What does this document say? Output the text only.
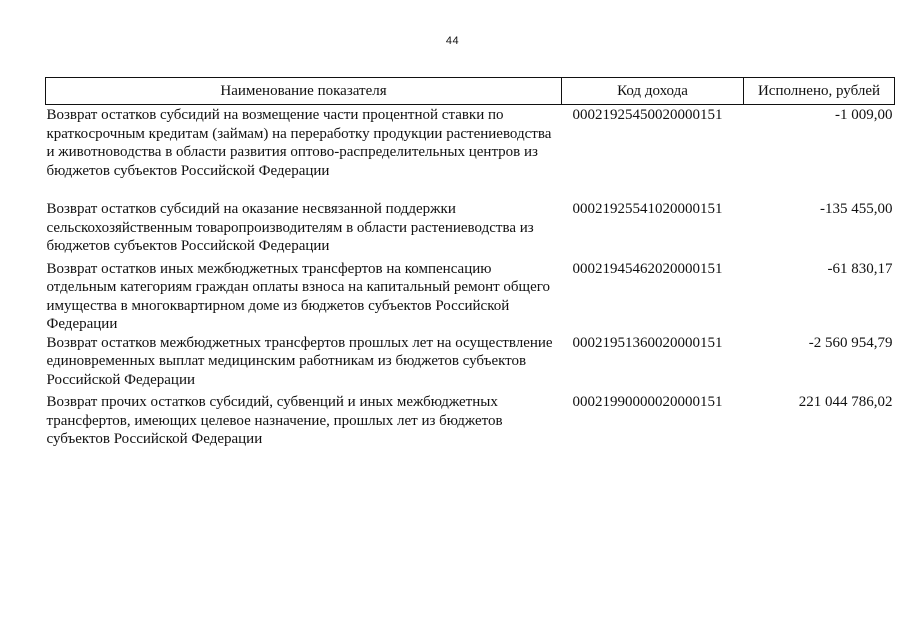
44
Наименование показателя	Код дохода	Исполнено, рублей
Возврат остатков субсидий на возмещение части процентной ставки по краткосрочным кредитам (займам) на переработку продукции растениеводства и животноводства в области развития оптово-распределительных центров из бюджетов субъектов Российской Федерации	00021925450020000151	-1 009,00
Возврат остатков субсидий на оказание несвязанной поддержки сельскохозяйственным товаропроизводителям в области растениеводства из бюджетов субъектов Российской Федерации	00021925541020000151	-135 455,00
Возврат остатков иных межбюджетных трансфертов на компенсацию отдельным категориям граждан оплаты взноса на капитальный ремонт общего имущества в многоквартирном доме из бюджетов субъектов Российской Федерации	00021945462020000151	-61 830,17
Возврат остатков межбюджетных трансфертов прошлых лет на осуществление единовременных выплат медицинским работникам из бюджетов субъектов Российской Федерации	00021951360020000151	-2 560 954,79
Возврат прочих остатков субсидий, субвенций и иных межбюджетных трансфертов, имеющих целевое назначение, прошлых лет из бюджетов субъектов Российской Федерации	00021990000020000151	221 044 786,02
